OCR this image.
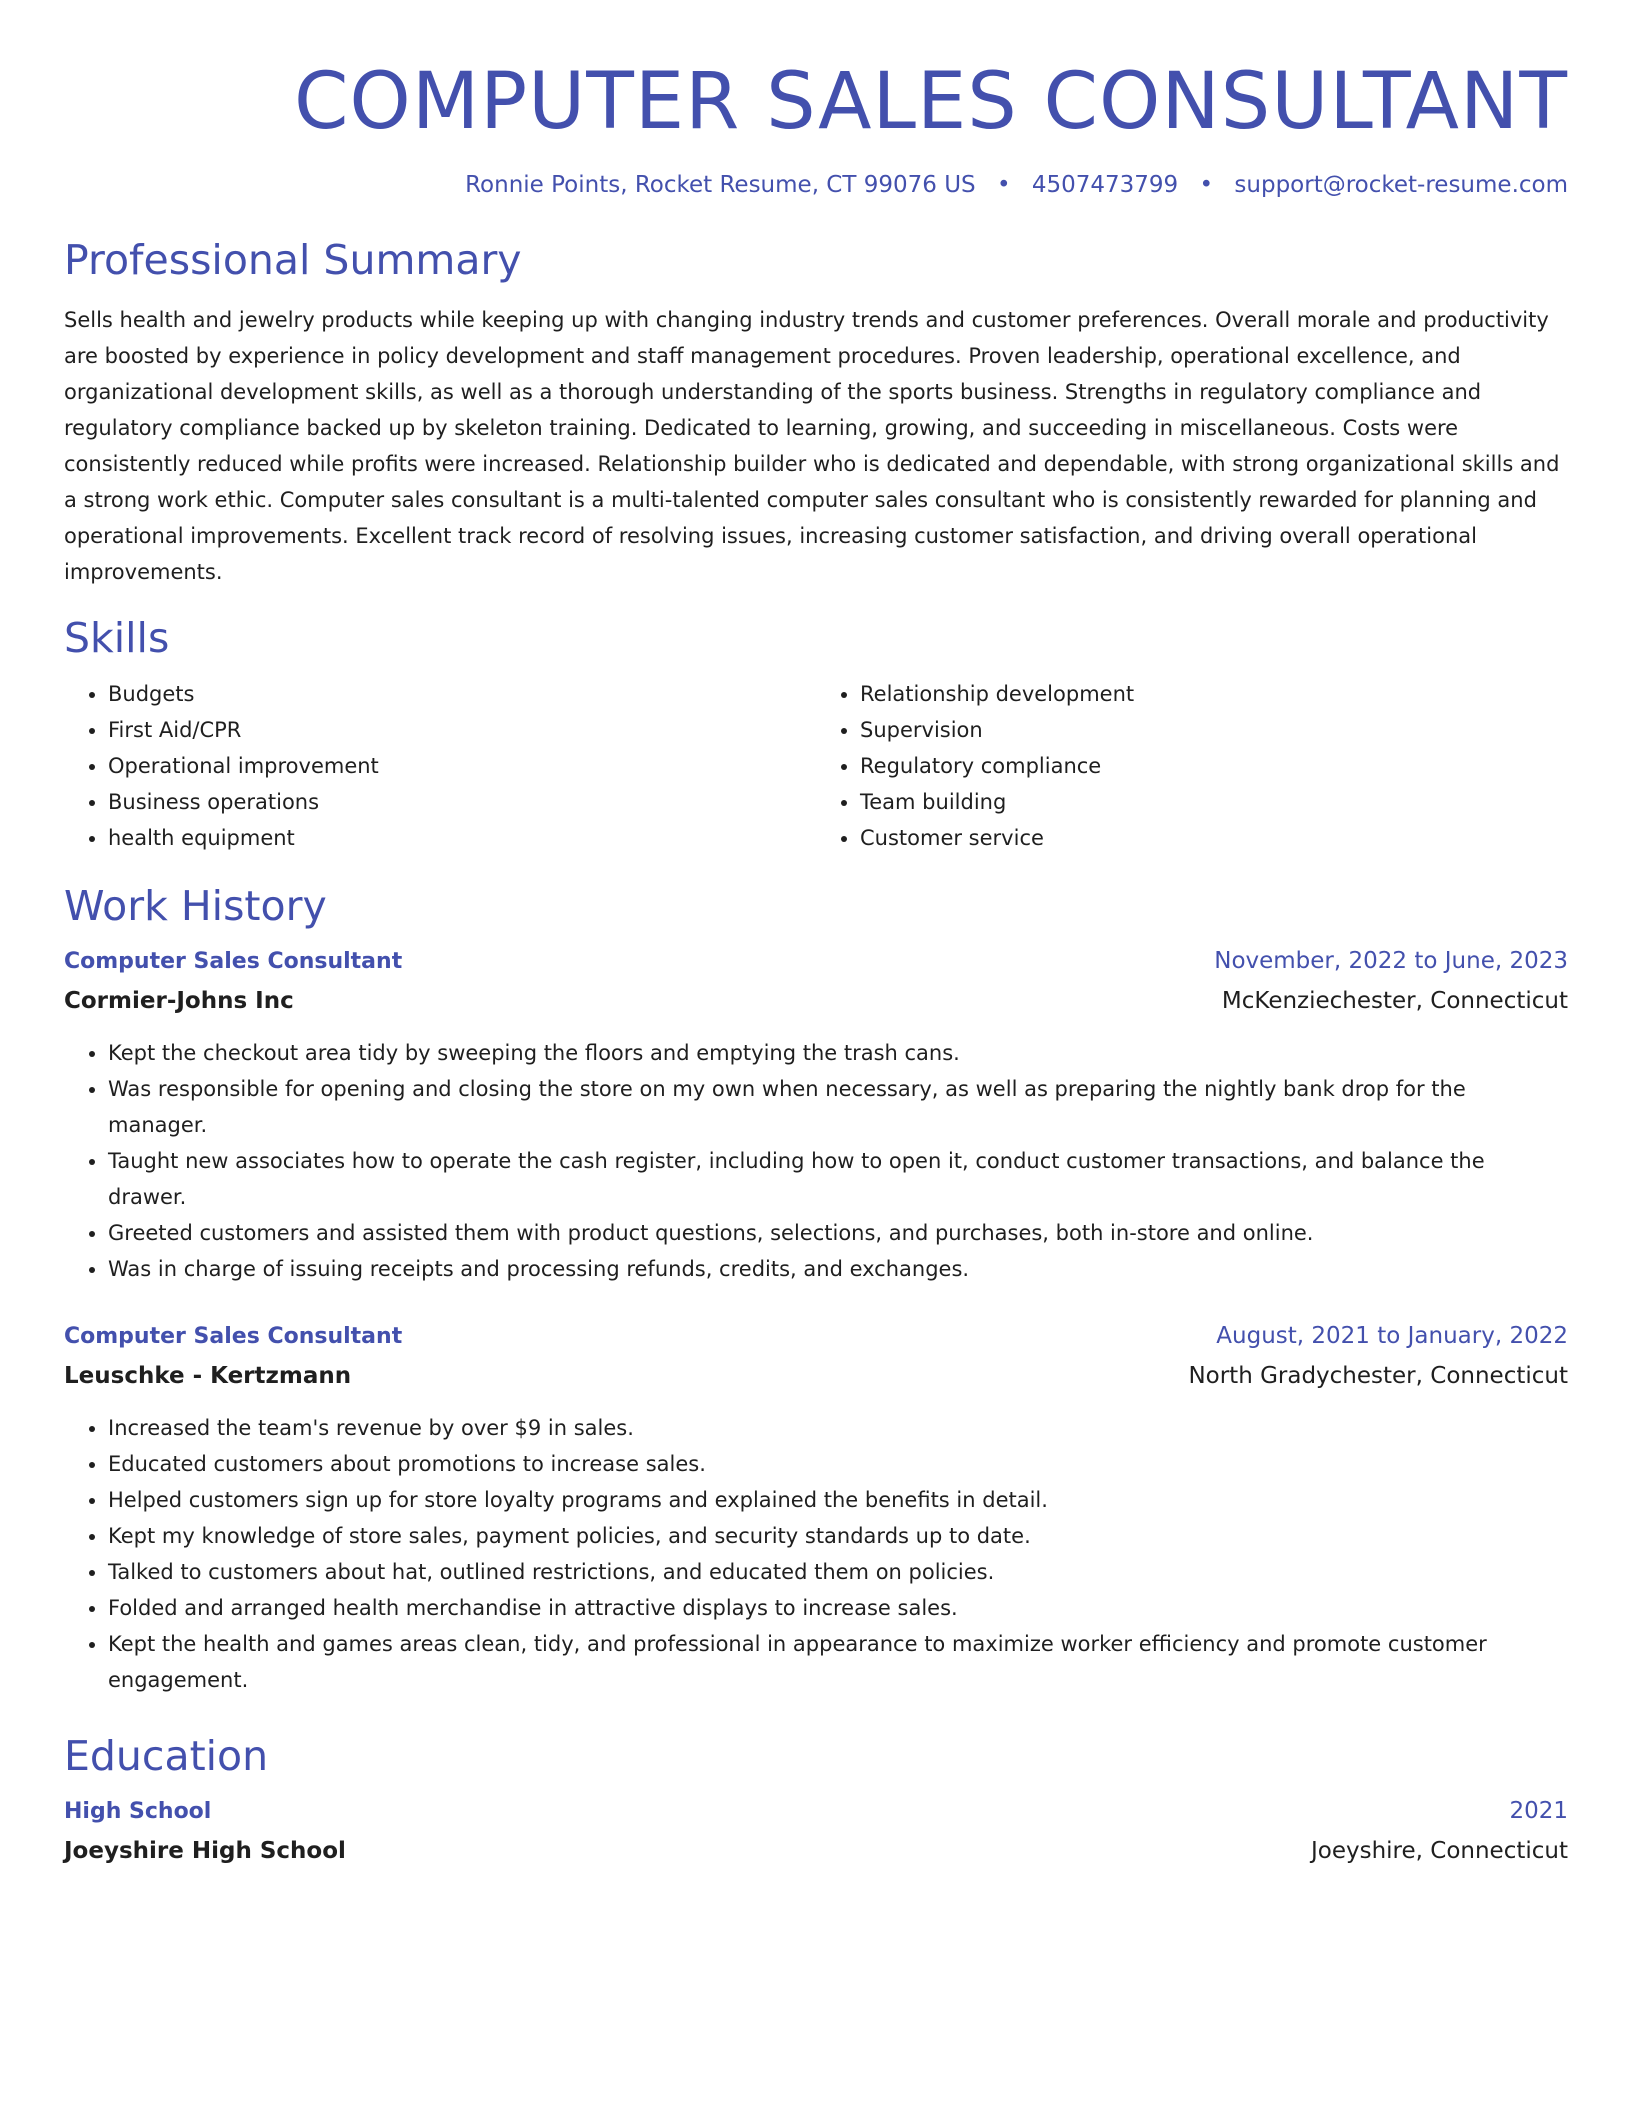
COMPUTER SALES CONSULTANT
Ronnie Points, Rocket Resume, CT 99076 US • 4507473799 • support@rocket-resume.com
Professional Summary

Sells health and jewelry products while keeping up with changing industry trends and customer preferences. Overall morale and productivity are boosted by experience in policy development and staff management procedures. Proven leadership, operational excellence, and organizational development skills, as well as a thorough understanding of the sports business. Strengths in regulatory compliance and regulatory compliance backed up by skeleton training. Dedicated to learning, growing, and succeeding in miscellaneous. Costs were consistently reduced while profits were increased. Relationship builder who is dedicated and dependable, with strong organizational skills and a strong work ethic. Computer sales consultant is a multi-talented computer sales consultant who is consistently rewarded for planning and operational improvements. Excellent track record of resolving issues, increasing customer satisfaction, and driving overall operational improvements.

Skills
• Budgets
• First Aid/CPR
• Operational improvement
• Business operations
• health equipment
• Relationship development
• Supervision
• Regulatory compliance
• Team building
• Customer service
Work History
Computer Sales Consultant	November, 2022 to June, 2023
Cormier-Johns Inc	McKenziechester, Connecticut
• Kept the checkout area tidy by sweeping the floors and emptying the trash cans.
• Was responsible for opening and closing the store on my own when necessary, as well as preparing the nightly bank drop for the manager.
• Taught new associates how to operate the cash register, including how to open it, conduct customer transactions, and balance the drawer.
• Greeted customers and assisted them with product questions, selections, and purchases, both in-store and online.
• Was in charge of issuing receipts and processing refunds, credits, and exchanges.
Computer Sales Consultant	August, 2021 to January, 2022
Leuschke - Kertzmann	North Gradychester, Connecticut
• Increased the team's revenue by over $9 in sales.
• Educated customers about promotions to increase sales.
• Helped customers sign up for store loyalty programs and explained the benefits in detail.
• Kept my knowledge of store sales, payment policies, and security standards up to date.
• Talked to customers about hat, outlined restrictions, and educated them on policies.
• Folded and arranged health merchandise in attractive displays to increase sales.
• Kept the health and games areas clean, tidy, and professional in appearance to maximize worker efficiency and promote customer engagement.
Education
High School	2021
Joeyshire High School	Joeyshire, Connecticut
